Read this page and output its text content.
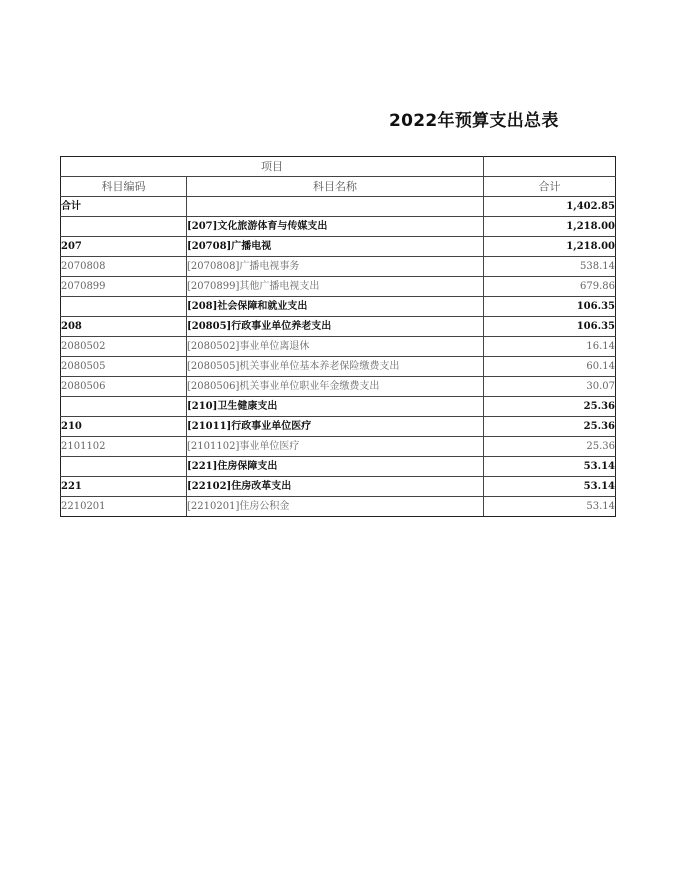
2022年预算支出总表
项目		
科目编码	科目名称	合计
合计		1,402.85
	[207]文化旅游体育与传媒支出	1,218.00
207	[20708]广播电视	1,218.00
2070808	[2070808]广播电视事务	538.14
2070899	[2070899]其他广播电视支出	679.86
	[208]社会保障和就业支出	106.35
208	[20805]行政事业单位养老支出	106.35
2080502	[2080502]事业单位离退休	16.14
2080505	[2080505]机关事业单位基本养老保险缴费支出	60.14
2080506	[2080506]机关事业单位职业年金缴费支出	30.07
	[210]卫生健康支出	25.36
210	[21011]行政事业单位医疗	25.36
2101102	[2101102]事业单位医疗	25.36
	[221]住房保障支出	53.14
221	[22102]住房改革支出	53.14
2210201	[2210201]住房公积金	53.14
